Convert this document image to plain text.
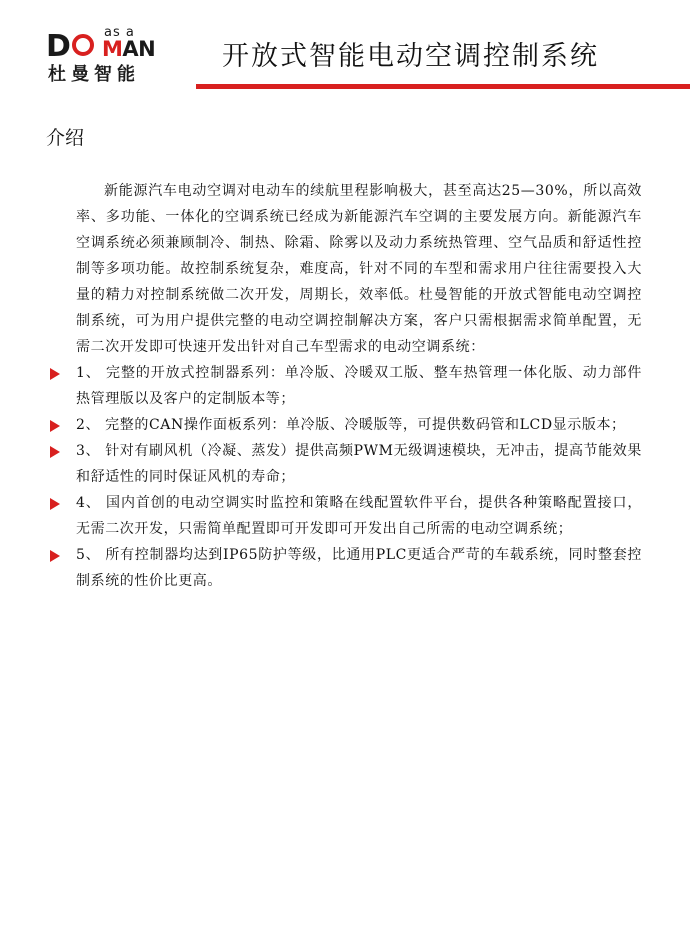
D	as a
MAN
杜曼智能
开放式智能电动空调控制系统
介绍

新能源汽车电动空调对电动车的续航里程影响极大，甚至高达25—30%，所以高效率、多功能、一体化的空调系统已经成为新能源汽车空调的主要发展方向。新能源汽车空调系统必须兼顾制冷、制热、除霜、除雾以及动力系统热管理、空气品质和舒适性控制等多项功能。故控制系统复杂，难度高，针对不同的车型和需求用户往往需要投入大量的精力对控制系统做二次开发，周期长，效率低。杜曼智能的开放式智能电动空调控制系统，可为用户提供完整的电动空调控制解决方案，客户只需根据需求简单配置，无需二次开发即可快速开发出针对自己车型需求的电动空调系统：

1、 完整的开放式控制器系列：单冷版、冷暖双工版、整车热管理一体化版、动力部件热管理版以及客户的定制版本等；
2、 完整的CAN操作面板系列：单冷版、冷暖版等，可提供数码管和LCD显示版本；
3、 针对有刷风机（冷凝、蒸发）提供高频PWM无级调速模块，无冲击，提高节能效果和舒适性的同时保证风机的寿命；
4、 国内首创的电动空调实时监控和策略在线配置软件平台，提供各种策略配置接口，无需二次开发，只需简单配置即可开发即可开发出自己所需的电动空调系统；
5、 所有控制器均达到IP65防护等级，比通用PLC更适合严苛的车载系统，同时整套控制系统的性价比更高。
